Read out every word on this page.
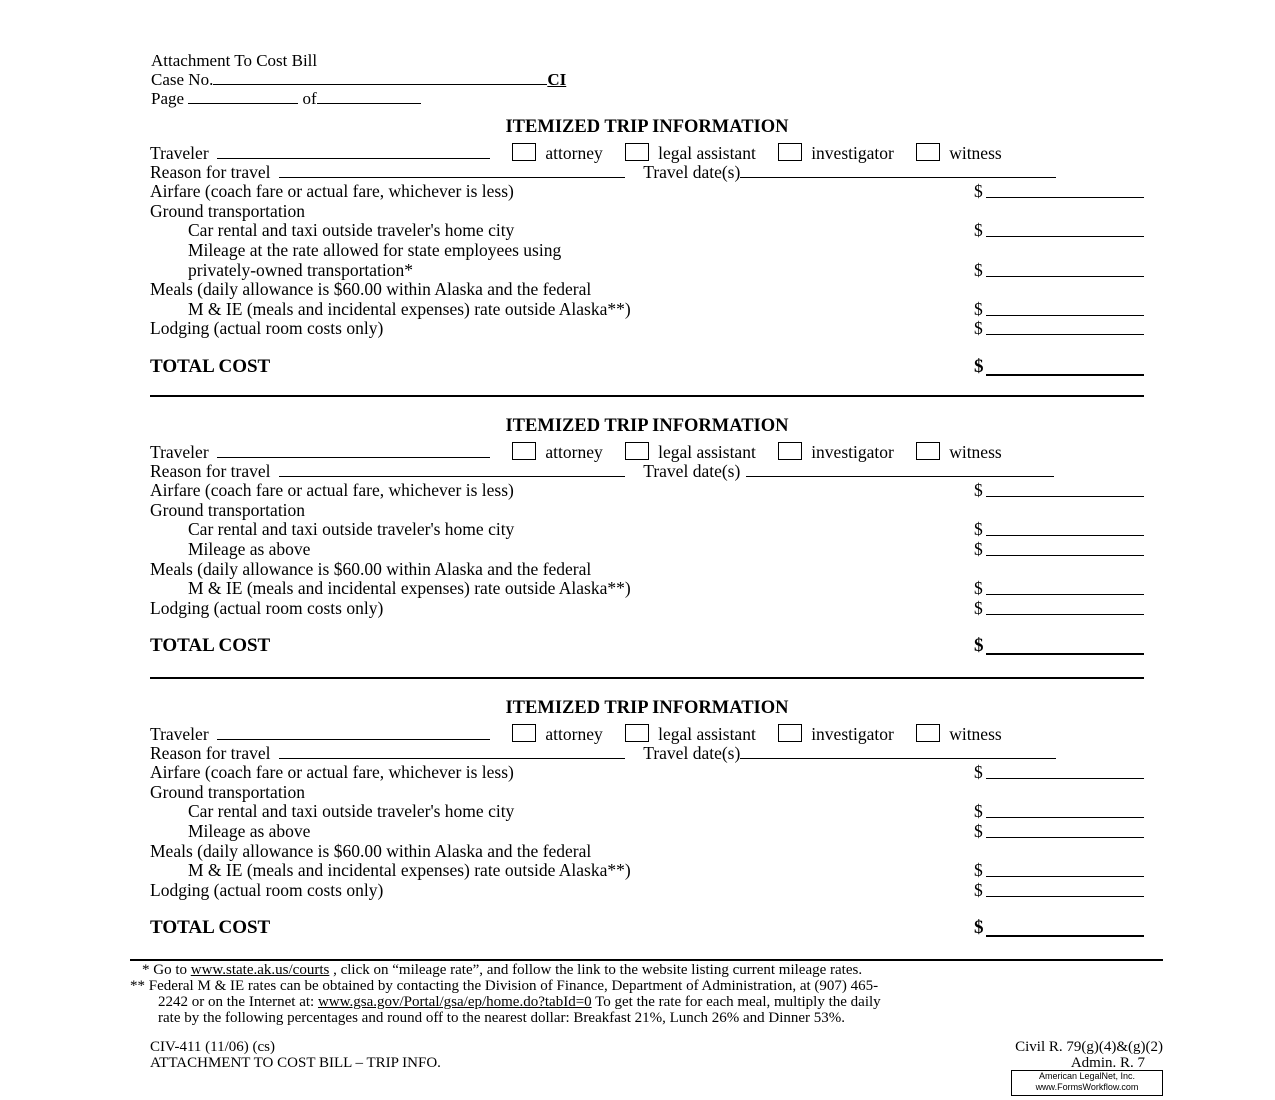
Attachment To Cost Bill
Case No.	CI
Page	of
ITEMIZED TRIP INFORMATION
Traveler	attorney	legal assistant	investigator	witness
Reason for travel	Travel date(s)
Airfare (coach fare or actual fare, whichever is less)	$
Ground transportation
Car rental and taxi outside traveler's home city	$
Mileage at the rate allowed for state employees using
privately-owned transportation*	$
Meals (daily allowance is $60.00 within Alaska and the federal
M & IE (meals and incidental expenses) rate outside Alaska**)	$
Lodging (actual room costs only)	$
TOTAL COST	$
ITEMIZED TRIP INFORMATION
Traveler	attorney	legal assistant	investigator	witness
Reason for travel	Travel date(s)
Airfare (coach fare or actual fare, whichever is less)	$
Ground transportation
Car rental and taxi outside traveler's home city	$
Mileage as above	$
Meals (daily allowance is $60.00 within Alaska and the federal
M & IE (meals and incidental expenses) rate outside Alaska**)	$
Lodging (actual room costs only)	$
TOTAL COST	$
ITEMIZED TRIP INFORMATION
Traveler	attorney	legal assistant	investigator	witness
Reason for travel	Travel date(s)
Airfare (coach fare or actual fare, whichever is less)	$
Ground transportation
Car rental and taxi outside traveler's home city	$
Mileage as above	$
Meals (daily allowance is $60.00 within Alaska and the federal
M & IE (meals and incidental expenses) rate outside Alaska**)	$
Lodging (actual room costs only)	$
TOTAL COST	$
* Go to www.state.ak.us/courts , click on “mileage rate”, and follow the link to the website listing current mileage rates.
** Federal M & IE rates can be obtained by contacting the Division of Finance, Department of Administration, at (907) 465-
2242 or on the Internet at: www.gsa.gov/Portal/gsa/ep/home.do?tabId=0 To get the rate for each meal, multiply the daily
rate by the following percentages and round off to the nearest dollar: Breakfast 21%, Lunch 26% and Dinner 53%.
CIV-411 (11/06) (cs)
ATTACHMENT TO COST BILL – TRIP INFO.
Civil R. 79(g)(4)&(g)(2)
Admin. R. 7
American LegalNet, Inc.
www.FormsWorkflow.com
